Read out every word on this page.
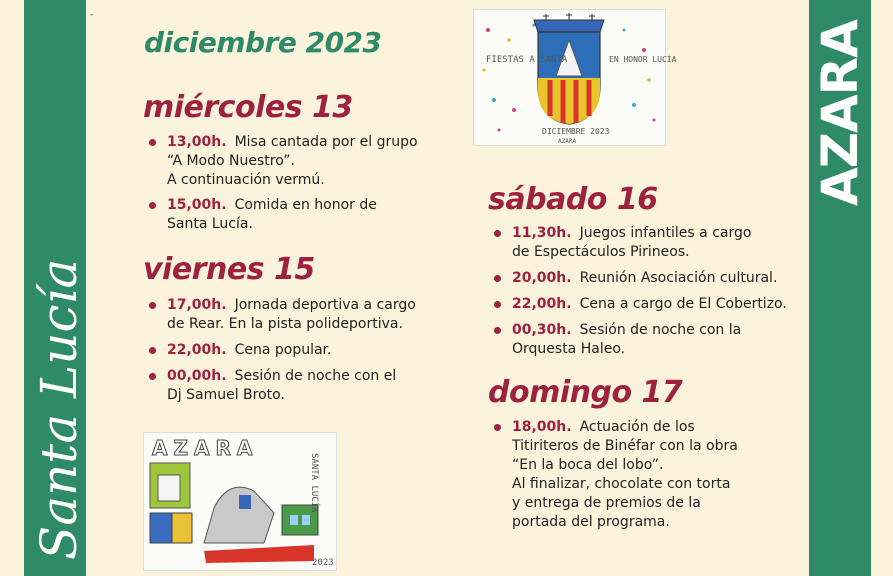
Santa Lucía
AZARA
-
diciembre 2023
miércoles 13
13,00h. Misa cantada por el grupo
“A Modo Nuestro”.
A continuación vermú.
15,00h. Comida en honor de
Santa Lucía.
viernes 15
17,00h. Jornada deportiva a cargo
de Rear. En la pista polideportiva.
22,00h. Cena popular.
00,00h. Sesión de noche con el
Dj Samuel Broto.
sábado 16
11,30h. Juegos infantiles a cargo
de Espectáculos Pirineos.
20,00h. Reunión Asociación cultural.
22,00h. Cena a cargo de El Cobertizo.
00,30h. Sesión de noche con la
Orquesta Haleo.
domingo 17
18,00h. Actuación de los
Titiriteros de Binéfar con la obra
“En la boca del lobo”.
Al finalizar, chocolate con torta
y entrega de premios de la
portada del programa.
FIESTAS A SANTA	EN HONOR LUCÍA
DICIEMBRE 2023
AZARA
AZARA
SANTA LUCÍA
2023
